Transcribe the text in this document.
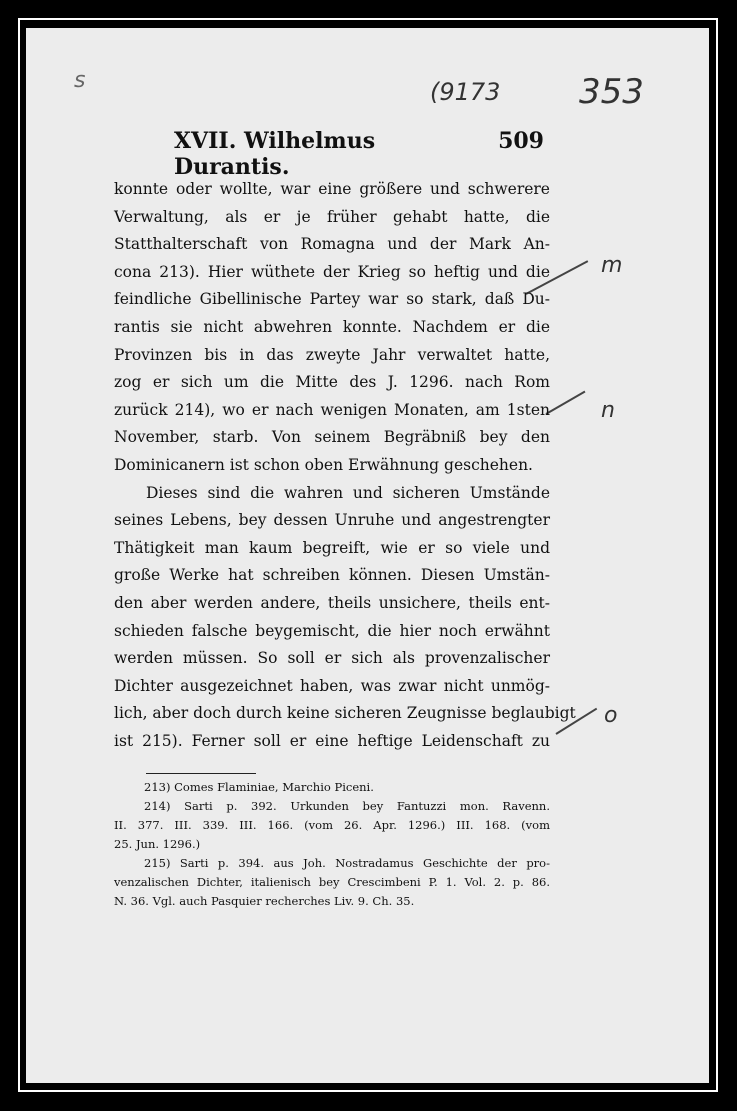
s	(9173 353
XVII. Wilhelmus Durantis.
509
m
n
o
konnte oder wollte, war eine größere und schwerere
Verwaltung, als er je früher gehabt hatte, die
Statthalterschaft von Romagna und der Mark An-
cona 213). Hier wüthete der Krieg so heftig und die
feindliche Gibellinische Partey war so stark, daß Du-
rantis sie nicht abwehren konnte. Nachdem er die
Provinzen bis in das zweyte Jahr verwaltet hatte,
zog er sich um die Mitte des J. 1296. nach Rom
zurück 214), wo er nach wenigen Monaten, am 1sten
November, starb. Von seinem Begräbniß bey den
Dominicanern ist schon oben Erwähnung geschehen.
Dieses sind die wahren und sicheren Umstände
seines Lebens, bey dessen Unruhe und angestrengter
Thätigkeit man kaum begreift, wie er so viele und
große Werke hat schreiben können. Diesen Umstän-
den aber werden andere, theils unsichere, theils ent-
schieden falsche beygemischt, die hier noch erwähnt
werden müssen. So soll er sich als provenzalischer
Dichter ausgezeichnet haben, was zwar nicht unmög-
lich, aber doch durch keine sicheren Zeugnisse beglaubigt
ist 215). Ferner soll er eine heftige Leidenschaft zu
213) Comes Flaminiae, Marchio Piceni.
214) Sarti p. 392. Urkunden bey Fantuzzi mon. Ravenn.
II. 377. III. 339. III. 166. (vom 26. Apr. 1296.) III. 168. (vom
25. Jun. 1296.)
215) Sarti p. 394. aus Joh. Nostradamus Geschichte der pro-
venzalischen Dichter, italienisch bey Crescimbeni P. 1. Vol. 2. p. 86.
N. 36. Vgl. auch Pasquier recherches Liv. 9. Ch. 35.
